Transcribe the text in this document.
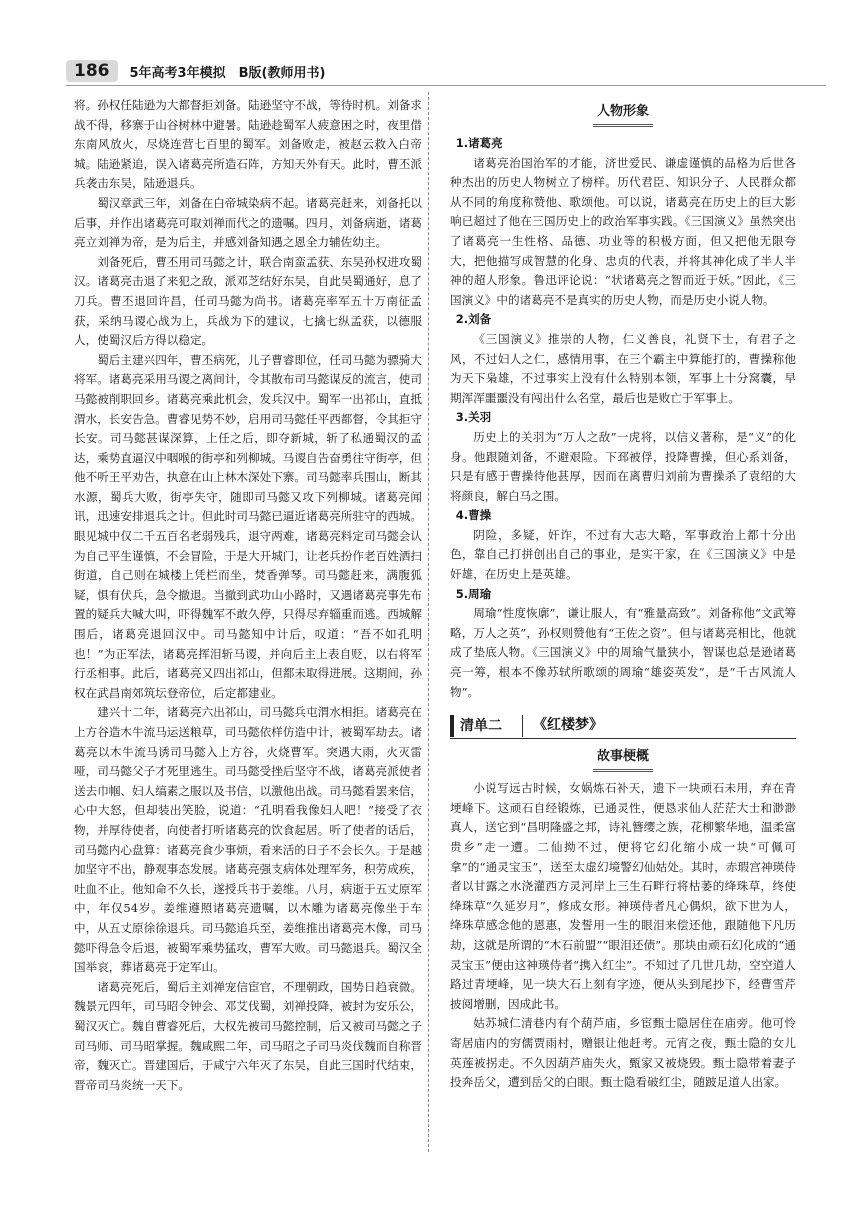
186	5年高考3年模拟　B版(教师用书)

将。孙权任陆逊为大都督拒刘备。陆逊坚守不战，等待时机。刘备求战不得，移寨于山谷树林中避暑。陆逊趁蜀军人疲意困之时，夜里借东南风放火，尽烧连营七百里的蜀军。刘备败走，被赵云救入白帝城。陆逊紧追，误入诸葛亮所造石阵，方知天外有天。此时，曹丕派兵袭击东吴，陆逊退兵。

蜀汉章武三年，刘备在白帝城染病不起。诸葛亮赶来，刘备托以后事，并作出诸葛亮可取刘禅而代之的遗嘱。四月，刘备病逝，诸葛亮立刘禅为帝，是为后主，并感刘备知遇之恩全力辅佐幼主。

刘备死后，曹丕用司马懿之计，联合南蛮孟获、东吴孙权进攻蜀汉。诸葛亮击退了来犯之敌，派邓芝结好东吴，自此吴蜀通好，息了刀兵。曹丕退回许昌，任司马懿为尚书。诸葛亮率军五十万南征孟获，采纳马谡心战为上，兵战为下的建议，七擒七纵孟获，以德服人，使蜀汉后方得以稳定。

蜀后主建兴四年，曹丕病死，儿子曹睿即位，任司马懿为骠骑大将军。诸葛亮采用马谡之离间计，令其散布司马懿谋反的流言，使司马懿被削职回乡。诸葛亮乘此机会，发兵汉中。蜀军一出祁山，直抵渭水，长安告急。曹睿见势不妙，启用司马懿任平西都督，令其拒守长安。司马懿甚谋深算，上任之后，即夺新城，斩了私通蜀汉的孟达，乘势直逼汉中咽喉的街亭和列柳城。马谡自告奋勇往守街亭，但他不听王平劝告，执意在山上林木深处下寨。司马懿率兵围山，断其水源，蜀兵大败，街亭失守，随即司马懿又攻下列柳城。诸葛亮闻讯，迅速安排退兵之计。但此时司马懿已逼近诸葛亮所驻守的西城。眼见城中仅二千五百名老弱残兵，退守两难，诸葛亮料定司马懿会认为自己平生谨慎，不会冒险，于是大开城门，让老兵扮作老百姓洒扫街道，自己则在城楼上凭栏而坐，焚香弹琴。司马懿赶来，满腹狐疑，惧有伏兵，急令撤退。当撤到武功山小路时，又遇诸葛亮事先布置的疑兵大喊大叫，吓得魏军不敢久停，只得尽弃辎重而逃。西城解围后，诸葛亮退回汉中。司马懿知中计后，叹道：“吾不如孔明也！”为正军法，诸葛亮挥泪斩马谡，并向后主上表自贬，以右将军行丞相事。此后，诸葛亮又四出祁山，但都未取得进展。这期间，孙权在武昌南郊筑坛登帝位，后定都建业。

建兴十二年，诸葛亮六出祁山，司马懿兵屯渭水相拒。诸葛亮在上方谷造木牛流马运送粮草，司马懿依样仿造中计，被蜀军劫去。诸葛亮以木牛流马诱司马懿入上方谷，火烧曹军。突遇大雨，火灭雷哑，司马懿父子才死里逃生。司马懿受挫后坚守不战，诸葛亮派使者送去巾帼、妇人缟素之服以及书信，以激他出战。司马懿看罢来信，心中大怒，但却装出笑脸，说道：“孔明看我像妇人吧！”接受了衣物，并厚待使者，向使者打听诸葛亮的饮食起居。听了使者的话后，司马懿内心盘算：诸葛亮食少事烦，看来活的日子不会长久。于是越加坚守不出，静观事态发展。诸葛亮强支病体处理军务，积劳成疾，吐血不止。他知命不久长，遂授兵书于姜维。八月，病逝于五丈原军中，年仅54岁。姜维遵照诸葛亮遗嘱，以木雕为诸葛亮像坐于车中，从五丈原徐徐退兵。司马懿追兵至，姜维推出诸葛亮木像，司马懿吓得急令后退，被蜀军乘势猛攻，曹军大败。司马懿退兵。蜀汉全国举哀，葬诸葛亮于定军山。

诸葛亮死后，蜀后主刘禅宠信宦官，不理朝政，国势日趋衰微。魏景元四年，司马昭令钟会、邓艾伐蜀，刘禅投降，被封为安乐公，蜀汉灭亡。魏自曹睿死后，大权先被司马懿控制，后又被司马懿之子司马师、司马昭掌握。魏咸熙二年，司马昭之子司马炎伐魏而自称晋帝，魏灭亡。晋建国后，于咸宁六年灭了东吴，自此三国时代结束，晋帝司马炎统一天下。

人物形象
1.诸葛亮

诸葛亮治国治军的才能，济世爱民、谦虚谨慎的品格为后世各种杰出的历史人物树立了榜样。历代君臣、知识分子、人民群众都从不同的角度称赞他、歌颂他。可以说，诸葛亮在历史上的巨大影响已超过了他在三国历史上的政治军事实践。《三国演义》虽然突出了诸葛亮一生性格、品德、功业等的积极方面，但又把他无限夸大，把他描写成智慧的化身、忠贞的代表，并将其神化成了半人半神的超人形象。鲁迅评论说：“状诸葛亮之智而近于妖。”因此，《三国演义》中的诸葛亮不是真实的历史人物，而是历史小说人物。

2.刘备

《三国演义》推崇的人物，仁义善良，礼贤下士，有君子之风，不过妇人之仁，感情用事，在三个霸主中算能打的，曹操称他为天下枭雄，不过事实上没有什么特别本领，军事上十分窝囊，早期浑浑噩噩没有闯出什么名堂，最后也是败亡于军事上。

3.关羽

历史上的关羽为“万人之敌”一虎将，以信义著称，是“义”的化身。他跟随刘备，不避艰险。下邳被俘，投降曹操，但心系刘备，只是有感于曹操待他甚厚，因而在离曹归刘前为曹操杀了袁绍的大将颜良，解白马之围。

4.曹操

阴险，多疑，奸诈，不过有大志大略，军事政治上都十分出色，靠自己打拼创出自己的事业，是实干家，在《三国演义》中是奸雄，在历史上是英雄。

5.周瑜

周瑜“性度恢廓”，谦让服人，有“雅量高致”。刘备称他“文武筹略，万人之英”，孙权则赞他有“王佐之资”。但与诸葛亮相比，他就成了垫底人物。《三国演义》中的周瑜气量狭小，智谋也总是逊诸葛亮一筹，根本不像苏轼所歌颂的周瑜“雄姿英发”，是“千古风流人物”。

清单二 《红楼梦》
故事梗概

小说写远古时候，女娲炼石补天，遗下一块顽石未用，弃在青埂峰下。这顽石自经锻炼，已通灵性，便恳求仙人茫茫大士和渺渺真人，送它到“昌明隆盛之邦，诗礼簪缨之族，花柳繁华地，温柔富贵乡”走一遭。二仙拗不过，便将它幻化缩小成一块“可佩可拿”的“通灵宝玉”，送至太虚幻境警幻仙姑处。其时，赤瑕宫神瑛侍者以甘露之水浇灌西方灵河岸上三生石畔行将枯萎的绛珠草，终使绛珠草“久延岁月”，修成女形。神瑛侍者凡心偶炽，欲下世为人，绛珠草感念他的恩惠，发誓用一生的眼泪来偿还他，跟随他下凡历劫，这就是所谓的“木石前盟”“眼泪还债”。那块由顽石幻化成的“通灵宝玉”便由这神瑛侍者“携入红尘”。不知过了几世几劫，空空道人路过青埂峰，见一块大石上刻有字迹，便从头到尾抄下，经曹雪芹披阅增删，因成此书。

姑苏城仁清巷内有个葫芦庙，乡宦甄士隐居住在庙旁。他可怜寄居庙内的穷儒贾雨村，赠银让他赶考。元宵之夜，甄士隐的女儿英莲被拐走。不久因葫芦庙失火，甄家又被烧毁。甄士隐带着妻子投奔岳父，遭到岳父的白眼。甄士隐看破红尘，随跛足道人出家。
